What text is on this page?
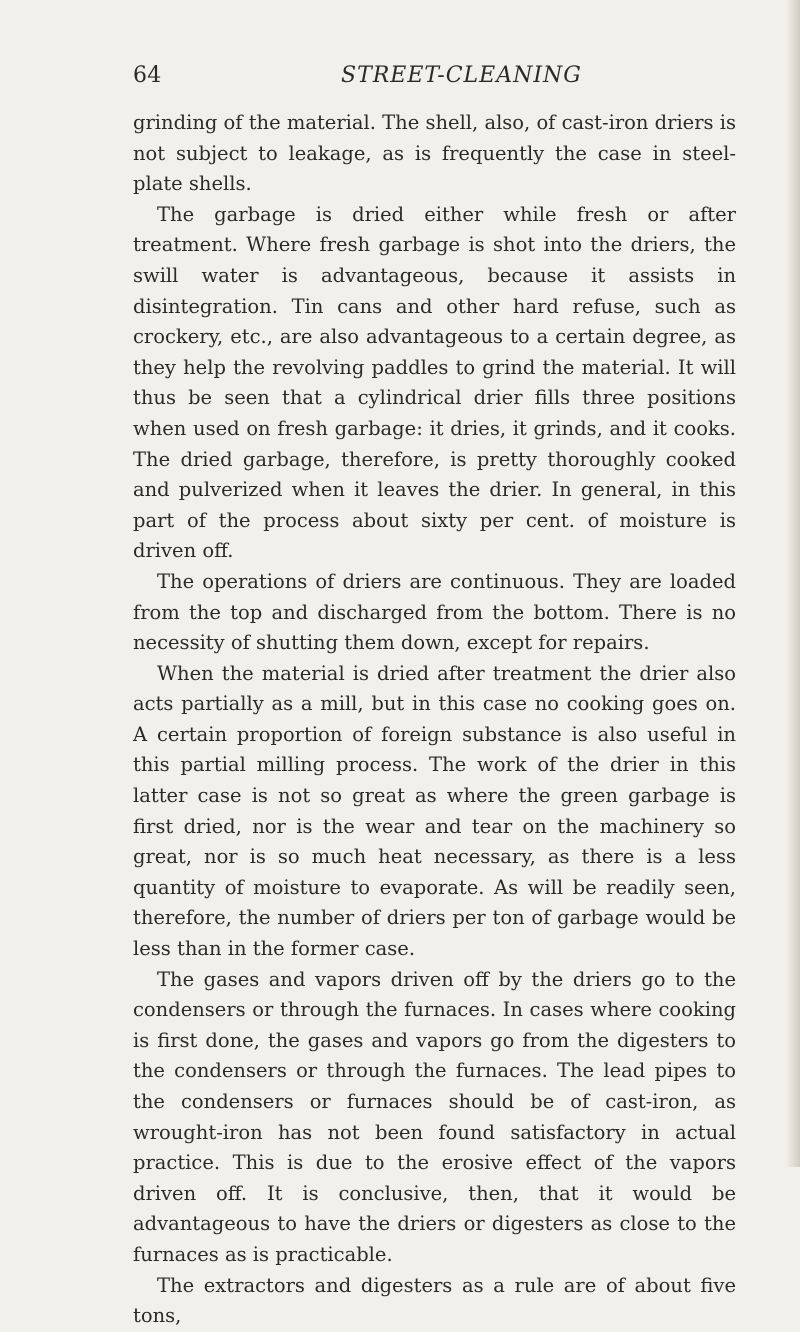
64	STREET-CLEANING

grinding of the material. The shell, also, of cast-iron driers is not subject to leakage, as is frequently the case in steel-plate shells.

The garbage is dried either while fresh or after treatment. Where fresh garbage is shot into the driers, the swill water is advantageous, because it assists in disintegration. Tin cans and other hard refuse, such as crockery, etc., are also advantageous to a certain degree, as they help the revolving paddles to grind the material. It will thus be seen that a cylindrical drier fills three positions when used on fresh garbage: it dries, it grinds, and it cooks. The dried garbage, therefore, is pretty thoroughly cooked and pulverized when it leaves the drier. In general, in this part of the process about sixty per cent. of moisture is driven off.

The operations of driers are continuous. They are loaded from the top and discharged from the bottom. There is no necessity of shutting them down, except for repairs.

When the material is dried after treatment the drier also acts partially as a mill, but in this case no cooking goes on. A certain proportion of foreign substance is also useful in this partial milling process. The work of the drier in this latter case is not so great as where the green garbage is first dried, nor is the wear and tear on the machinery so great, nor is so much heat necessary, as there is a less quantity of moisture to evaporate. As will be readily seen, therefore, the number of driers per ton of garbage would be less than in the former case.

The gases and vapors driven off by the driers go to the condensers or through the furnaces. In cases where cooking is first done, the gases and vapors go from the digesters to the condensers or through the furnaces. The lead pipes to the condensers or furnaces should be of cast-iron, as wrought-iron has not been found satisfactory in actual practice. This is due to the erosive effect of the vapors driven off. It is conclusive, then, that it would be advantageous to have the driers or digesters as close to the furnaces as is practicable.

The extractors and digesters as a rule are of about five tons,
